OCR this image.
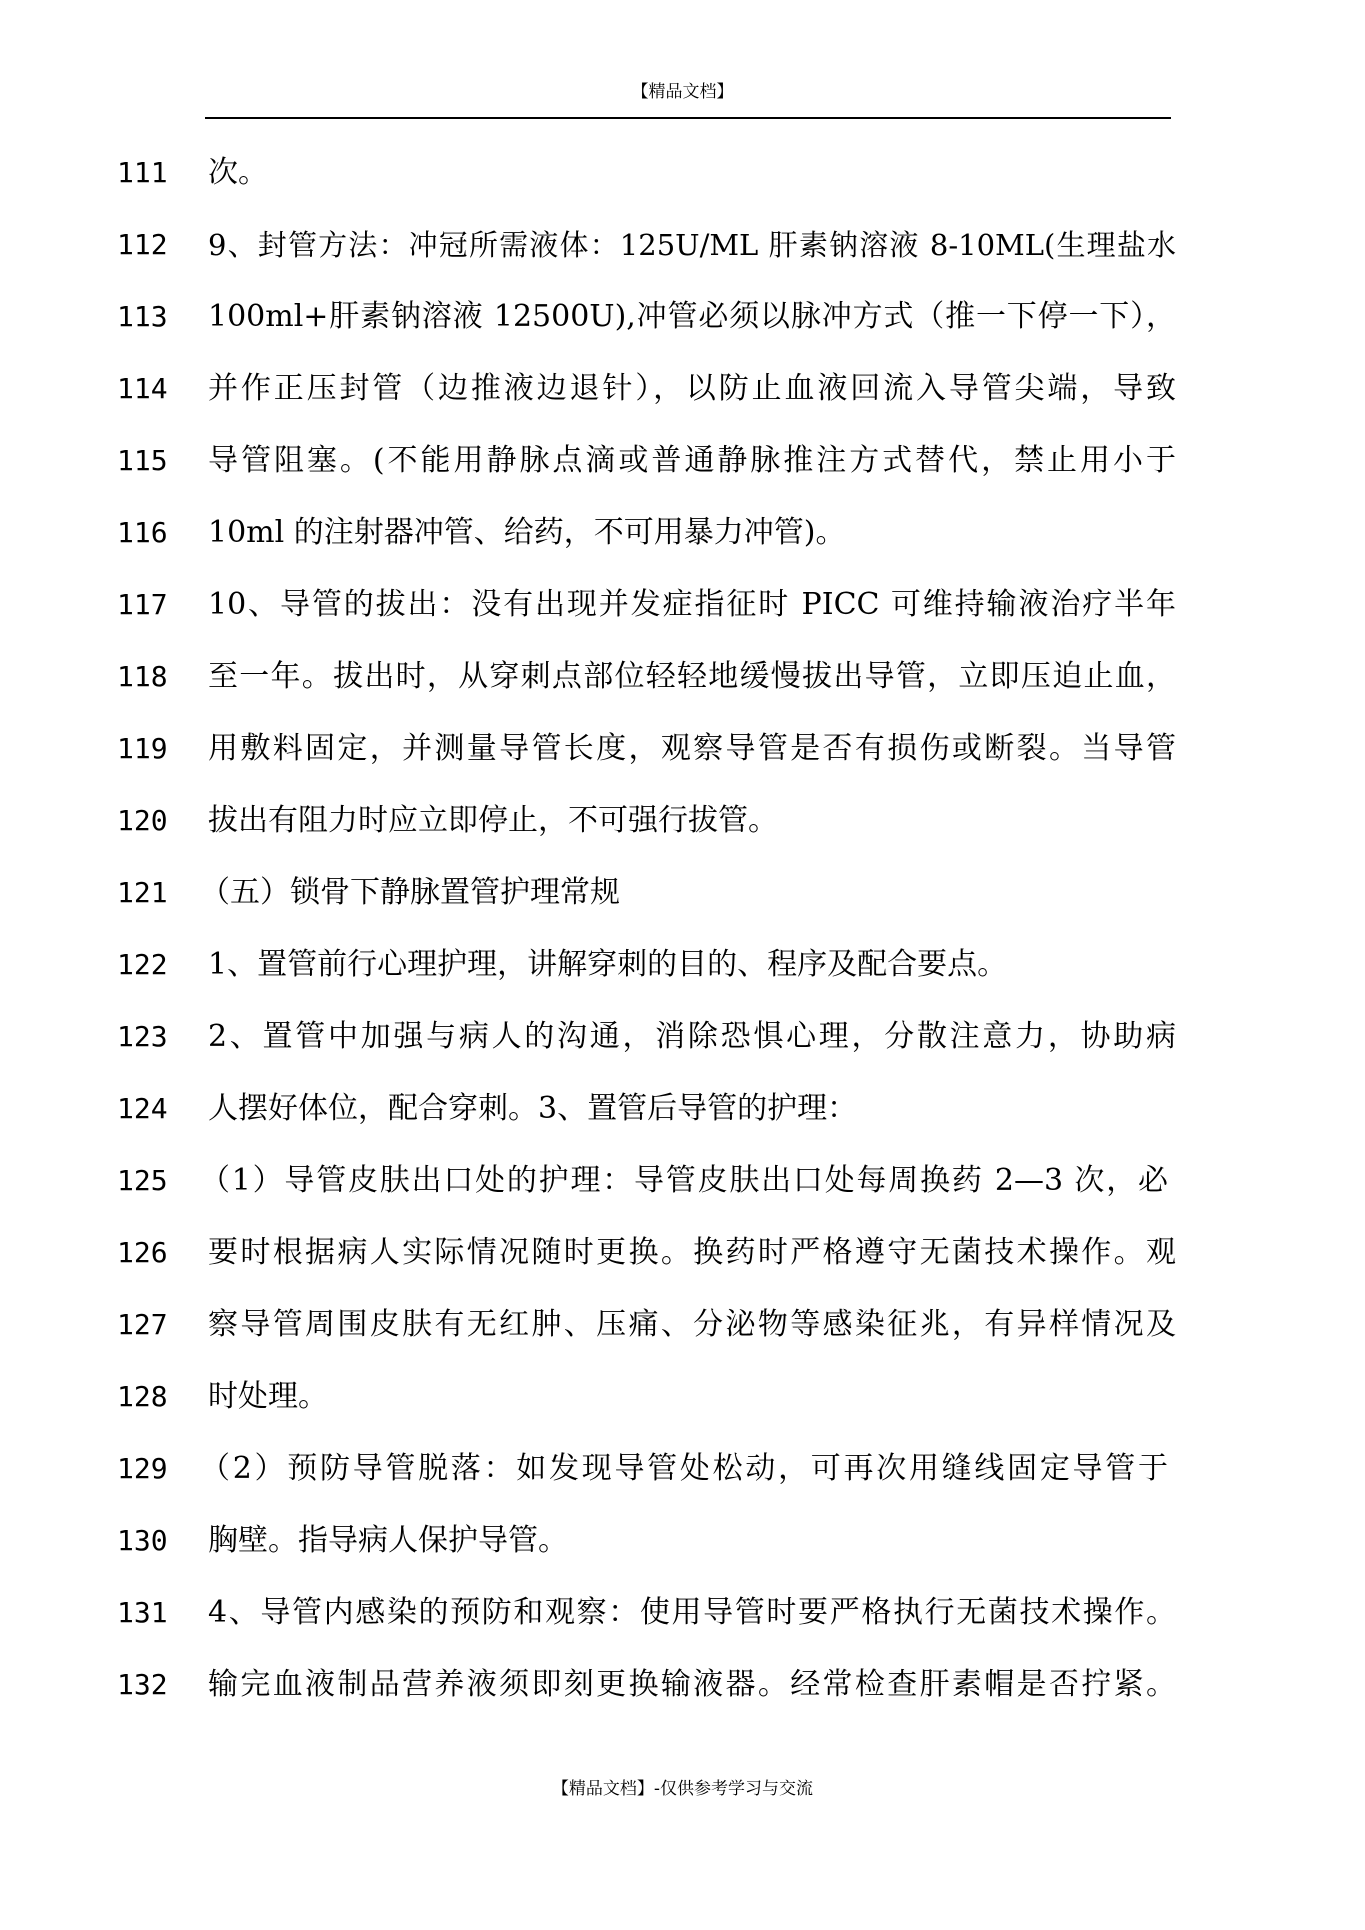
【精品文档】
111	次。
112	9、封管方法：冲冠所需液体：125U/ML 肝素钠溶液 8-10ML(生理盐水
113	100ml+肝素钠溶液 12500U),冲管必须以脉冲方式（推一下停一下），
114	并作正压封管（边推液边退针），以防止血液回流入导管尖端，导致
115	导管阻塞。(不能用静脉点滴或普通静脉推注方式替代，禁止用小于
116	10ml 的注射器冲管、给药，不可用暴力冲管)。
117	10、导管的拔出：没有出现并发症指征时 PICC 可维持输液治疗半年
118	至一年。拔出时，从穿刺点部位轻轻地缓慢拔出导管，立即压迫止血，
119	用敷料固定，并测量导管长度，观察导管是否有损伤或断裂。当导管
120	拔出有阻力时应立即停止，不可强行拔管。
121	（五）锁骨下静脉置管护理常规
122	1、置管前行心理护理，讲解穿刺的目的、程序及配合要点。
123	2、置管中加强与病人的沟通，消除恐惧心理，分散注意力，协助病
124	人摆好体位，配合穿刺。3、置管后导管的护理：
125	（1）导管皮肤出口处的护理：导管皮肤出口处每周换药 2—3 次，必
126	要时根据病人实际情况随时更换。换药时严格遵守无菌技术操作。观
127	察导管周围皮肤有无红肿、压痛、分泌物等感染征兆，有异样情况及
128	时处理。
129	（2）预防导管脱落：如发现导管处松动，可再次用缝线固定导管于
130	胸壁。指导病人保护导管。
131	4、导管内感染的预防和观察：使用导管时要严格执行无菌技术操作。
132	输完血液制品营养液须即刻更换输液器。经常检查肝素帽是否拧紧。
【精品文档】-仅供参考学习与交流
